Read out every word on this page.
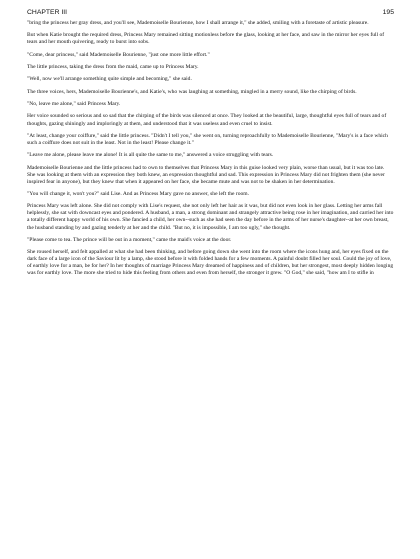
CHAPTER III	195

"bring the princess her gray dress, and you'll see, Mademoiselle Bourienne, how I shall arrange it," she added, smiling with a foretaste of artistic pleasure.

But when Katie brought the required dress, Princess Mary remained sitting motionless before the glass, looking at her face, and saw in the mirror her eyes full of tears and her mouth quivering, ready to burst into sobs.

"Come, dear princess," said Mademoiselle Bourienne, "just one more little effort."

The little princess, taking the dress from the maid, came up to Princess Mary.

"Well, now we'll arrange something quite simple and becoming," she said.

The three voices, hers, Mademoiselle Bourienne's, and Katie's, who was laughing at something, mingled in a merry sound, like the chirping of birds.

"No, leave me alone," said Princess Mary.

Her voice sounded so serious and so sad that the chirping of the birds was silenced at once. They looked at the beautiful, large, thoughtful eyes full of tears and of thoughts, gazing shiningly and imploringly at them, and understood that it was useless and even cruel to insist.

"At least, change your coiffure," said the little princess. "Didn't I tell you," she went on, turning reproachfully to Mademoiselle Bourienne, "Mary's is a face which such a coiffure does not suit in the least. Not in the least! Please change it."

"Leave me alone, please leave me alone! It is all quite the same to me," answered a voice struggling with tears.

Mademoiselle Bourienne and the little princess had to own to themselves that Princess Mary in this guise looked very plain, worse than usual, but it was too late. She was looking at them with an expression they both knew, an expression thoughtful and sad. This expression in Princess Mary did not frighten them (she never inspired fear in anyone), but they knew that when it appeared on her face, she became mute and was not to be shaken in her determination.

"You will change it, won't you?" said Lise. And as Princess Mary gave no answer, she left the room.

Princess Mary was left alone. She did not comply with Lise's request, she not only left her hair as it was, but did not even look in her glass. Letting her arms fall helplessly, she sat with downcast eyes and pondered. A husband, a man, a strong dominant and strangely attractive being rose in her imagination, and carried her into a totally different happy world of his own. She fancied a child, her own--such as she had seen the day before in the arms of her nurse's daughter--at her own breast, the husband standing by and gazing tenderly at her and the child. "But no, it is impossible, I am too ugly," she thought.

"Please come to tea. The prince will be out in a moment," came the maid's voice at the door.

She roused herself, and felt appalled at what she had been thinking, and before going down she went into the room where the icons hung and, her eyes fixed on the dark face of a large icon of the Saviour lit by a lamp, she stood before it with folded hands for a few moments. A painful doubt filled her soul. Could the joy of love, of earthly love for a man, be for her? In her thoughts of marriage Princess Mary dreamed of happiness and of children, but her strongest, most deeply hidden longing was for earthly love. The more she tried to hide this feeling from others and even from herself, the stronger it grew. "O God," she said, "how am I to stifle in
